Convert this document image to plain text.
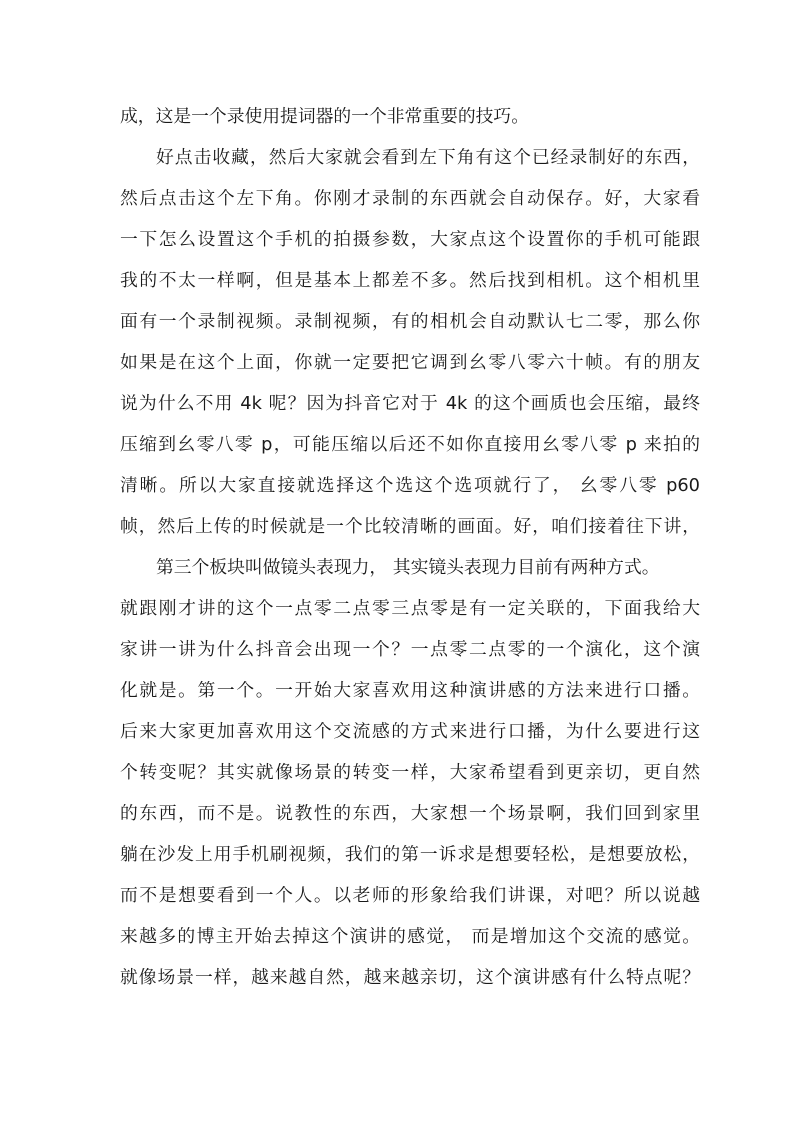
成，这是一个录使用提词器的一个非常重要的技巧。
好点击收藏，然后大家就会看到左下角有这个已经录制好的东西，
然后点击这个左下角。你刚才录制的东西就会自动保存。好，大家看
一下怎么设置这个手机的拍摄参数，大家点这个设置你的手机可能跟
我的不太一样啊，但是基本上都差不多。然后找到相机。这个相机里
面有一个录制视频。录制视频，有的相机会自动默认七二零，那么你
如果是在这个上面，你就一定要把它调到幺零八零六十帧。有的朋友
说为什么不用 4k 呢？因为抖音它对于 4k 的这个画质也会压缩，最终
压缩到幺零八零 p，可能压缩以后还不如你直接用幺零八零 p 来拍的
清晰。所以大家直接就选择这个选这个选项就行了， 幺零八零 p60
帧，然后上传的时候就是一个比较清晰的画面。好，咱们接着往下讲，
第三个板块叫做镜头表现力， 其实镜头表现力目前有两种方式。
就跟刚才讲的这个一点零二点零三点零是有一定关联的，下面我给大
家讲一讲为什么抖音会出现一个？一点零二点零的一个演化，这个演
化就是。第一个。一开始大家喜欢用这种演讲感的方法来进行口播。
后来大家更加喜欢用这个交流感的方式来进行口播，为什么要进行这
个转变呢？其实就像场景的转变一样，大家希望看到更亲切，更自然
的东西，而不是。说教性的东西，大家想一个场景啊，我们回到家里
躺在沙发上用手机刷视频，我们的第一诉求是想要轻松，是想要放松，
而不是想要看到一个人。以老师的形象给我们讲课，对吧？所以说越
来越多的博主开始去掉这个演讲的感觉， 而是增加这个交流的感觉。
就像场景一样，越来越自然，越来越亲切，这个演讲感有什么特点呢？
